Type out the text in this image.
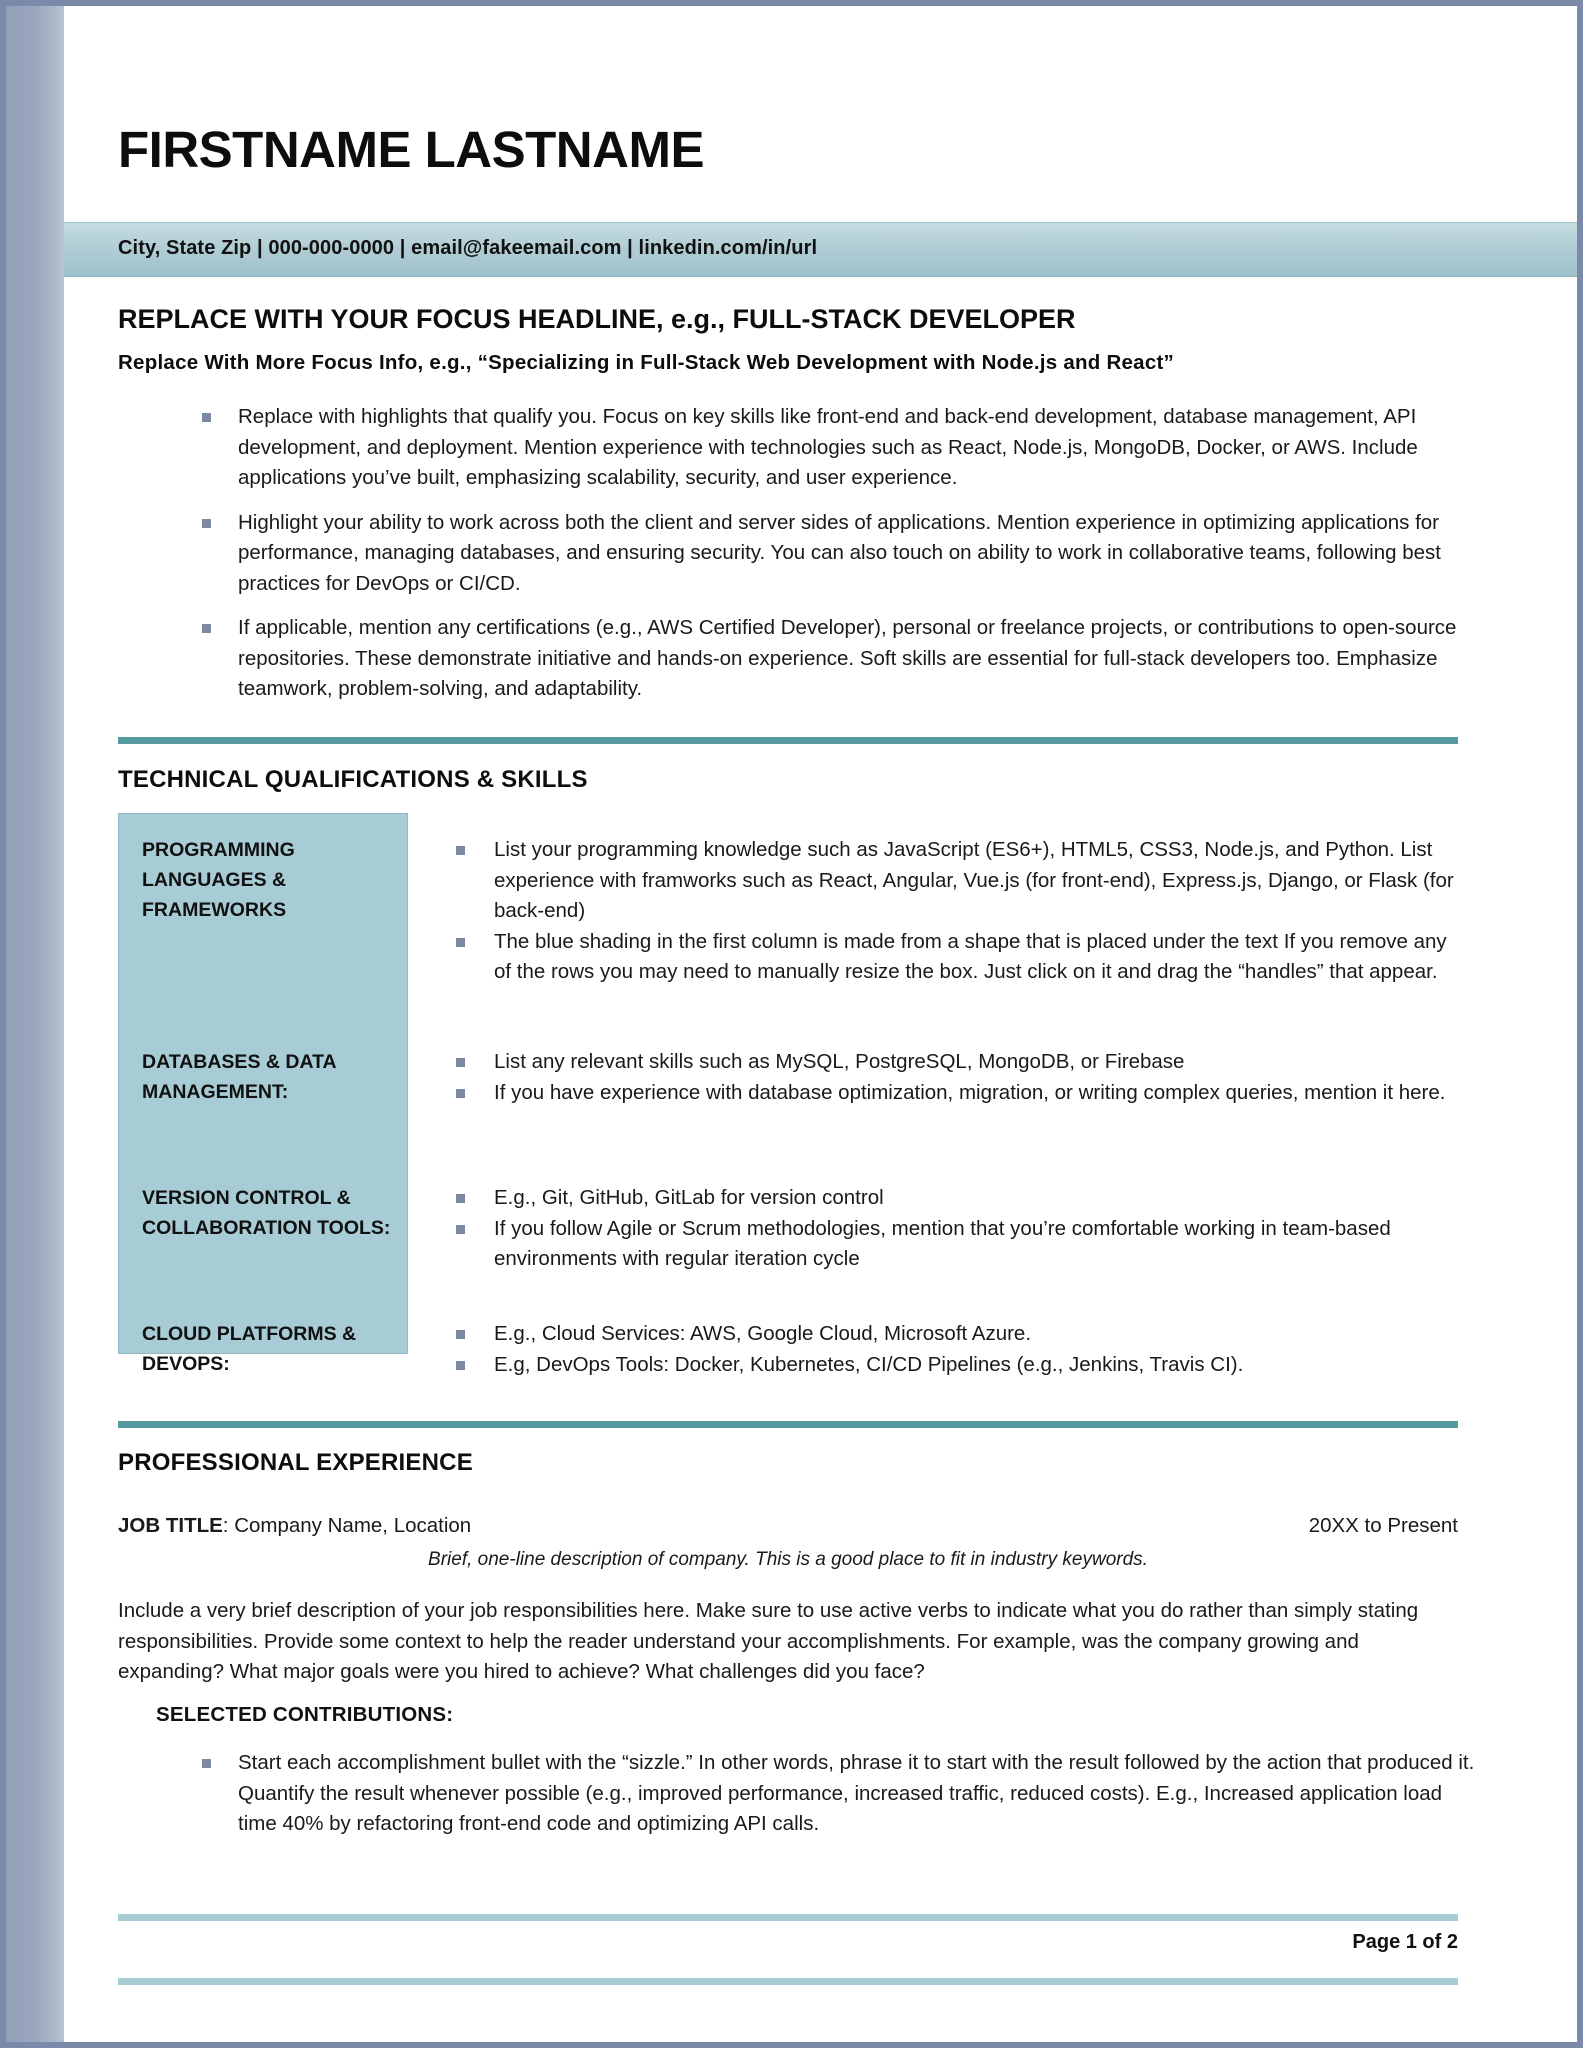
FIRSTNAME LASTNAME
City, State Zip | 000-000-0000 | email@fakeemail.com | linkedin.com/in/url
REPLACE WITH YOUR FOCUS HEADLINE, e.g., FULL-STACK DEVELOPER
Replace With More Focus Info, e.g., “Specializing in Full-Stack Web Development with Node.js and React”
Replace with highlights that qualify you. Focus on key skills like front-end and back-end development, database management, API development, and deployment. Mention experience with technologies such as React, Node.js, MongoDB, Docker, or AWS. Include applications you’ve built, emphasizing scalability, security, and user experience.
Highlight your ability to work across both the client and server sides of applications. Mention experience in optimizing applications for performance, managing databases, and ensuring security. You can also touch on ability to work in collaborative teams, following best practices for DevOps or CI/CD.
If applicable, mention any certifications (e.g., AWS Certified Developer), personal or freelance projects, or contributions to open-source repositories. These demonstrate initiative and hands-on experience. Soft skills are essential for full-stack developers too. Emphasize teamwork, problem-solving, and adaptability.
TECHNICAL QUALIFICATIONS & SKILLS
PROGRAMMING LANGUAGES & FRAMEWORKS
List your programming knowledge such as JavaScript (ES6+), HTML5, CSS3, Node.js, and Python. List experience with framworks such as React, Angular, Vue.js (for front-end), Express.js, Django, or Flask (for back-end)
The blue shading in the first column is made from a shape that is placed under the text If you remove any of the rows you may need to manually resize the box. Just click on it and drag the “handles” that appear.
DATABASES & DATA MANAGEMENT:
List any relevant skills such as MySQL, PostgreSQL, MongoDB, or Firebase
If you have experience with database optimization, migration, or writing complex queries, mention it here.
VERSION CONTROL & COLLABORATION TOOLS:
E.g., Git, GitHub, GitLab for version control
If you follow Agile or Scrum methodologies, mention that you’re comfortable working in team-based environments with regular iteration cycle
CLOUD PLATFORMS & DEVOPS:
E.g., Cloud Services: AWS, Google Cloud, Microsoft Azure.
E.g, DevOps Tools: Docker, Kubernetes, CI/CD Pipelines (e.g., Jenkins, Travis CI).
PROFESSIONAL EXPERIENCE
JOB TITLE: Company Name, Location	20XX to Present
Brief, one-line description of company. This is a good place to fit in industry keywords.
Include a very brief description of your job responsibilities here. Make sure to use active verbs to indicate what you do rather than simply stating responsibilities. Provide some context to help the reader understand your accomplishments. For example, was the company growing and expanding? What major goals were you hired to achieve? What challenges did you face?
SELECTED CONTRIBUTIONS:
Start each accomplishment bullet with the “sizzle.” In other words, phrase it to start with the result followed by the action that produced it. Quantify the result whenever possible (e.g., improved performance, increased traffic, reduced costs). E.g., Increased application load time 40% by refactoring front-end code and optimizing API calls.
Page 1 of 2
